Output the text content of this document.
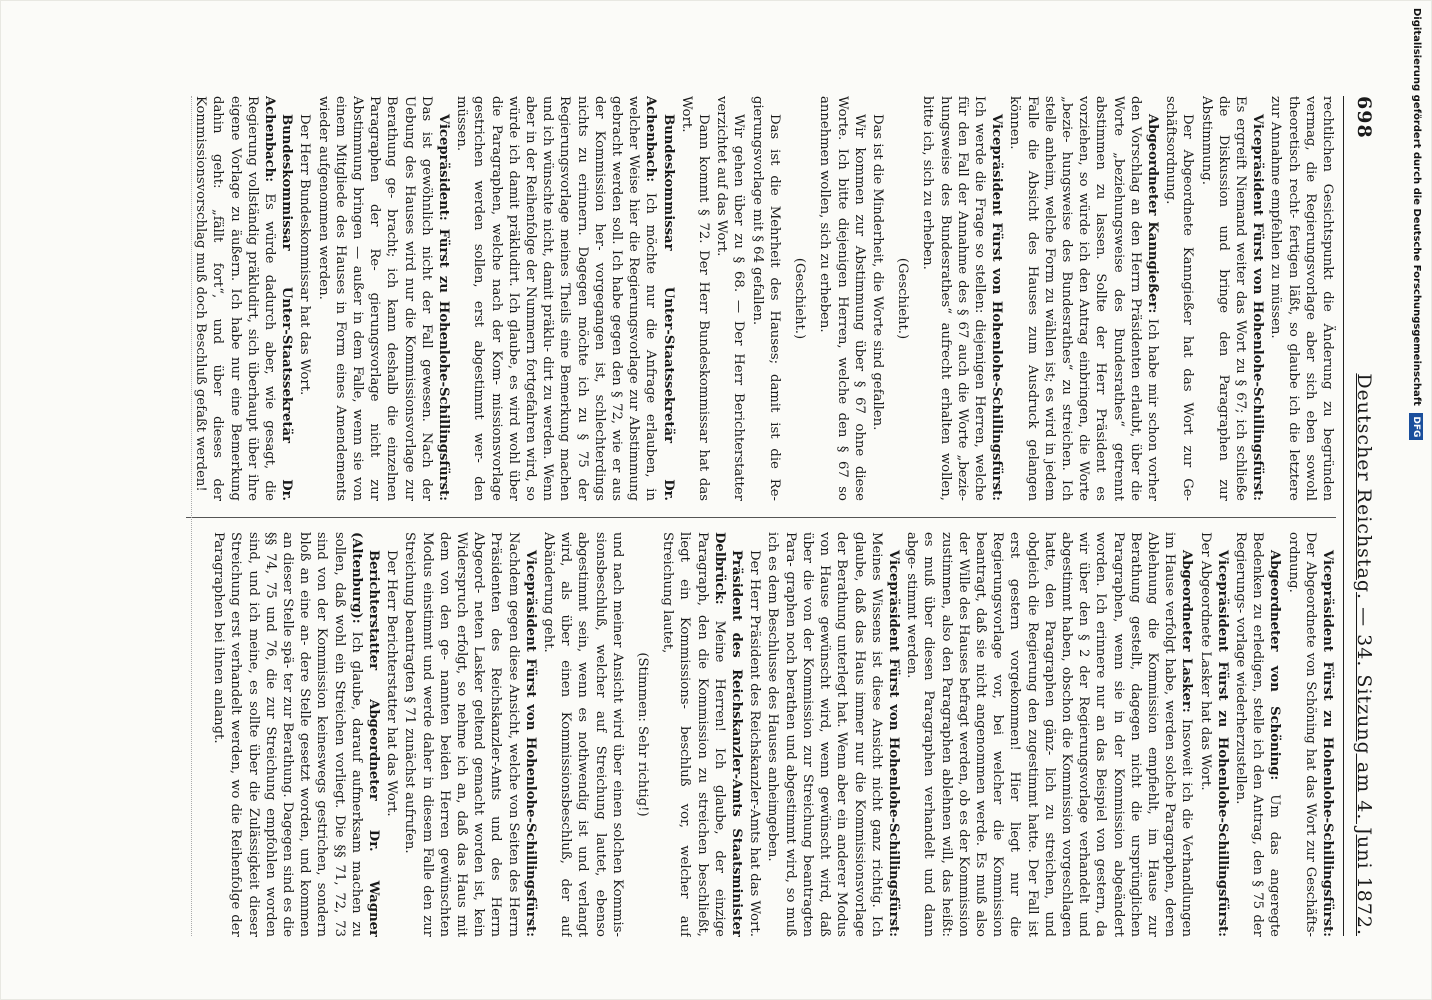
698
Deutscher Reichstag. — 34. Sitzung am 4. Juni 1872.

rechtlichen Gesichtspunkt die Änderung zu begründen vermag, die Regierungsvorlage aber sich eben sowohl theoretisch recht- fertigen läßt, so glaube ich die letztere zur Annahme empfehlen zu müssen.

Vicepräsident Fürst von Hohenlohe-Schillingsfürst: Es ergreift Niemand weiter das Wort zu § 67; ich schließe die Diskussion und bringe den Paragraphen zur Abstimmung.

Der Abgeordnete Kanngießer hat das Wort zur Ge- schäftsordnung.

Abgeordneter Kanngießer: Ich habe mir schon vorher den Vorschlag an den Herrn Präsidenten erlaubt, über die Worte „beziehungsweise des Bundesrathes“ getrennt abstimmen zu lassen. Sollte der Herr Präsident es vorziehen, so würde ich den Antrag einbringen, die Worte „bezie- hungsweise des Bundesrathes“ zu streichen. Ich stelle anheim, welche Form zu wählen ist; es wird in jedem Falle die Absicht des Hauses zum Ausdruck gelangen können.

Vicepräsident Fürst von Hohenlohe-Schillingsfürst: Ich werde die Frage so stellen: diejenigen Herren, welche für den Fall der Annahme des § 67 auch die Worte „bezie- hungsweise des Bundesrathes“ aufrecht erhalten wollen, bitte ich, sich zu erheben.

(Geschieht.)

Das ist die Minderheit, die Worte sind gefallen.

Wir kommen zur Abstimmung über § 67 ohne diese Worte. Ich bitte diejenigen Herren, welche den § 67 so annehmen wollen, sich zu erheben.

(Geschieht.)

Das ist die Mehrheit des Hauses; damit ist die Re- gierungsvorlage mit § 64 gefallen.

Wir gehen über zu § 68. — Der Herr Berichterstatter verzichtet auf das Wort.

Dann kommt § 72. Der Herr Bundeskommissar hat das Wort.

Bundeskommissar Unter-Staatssekretär Dr. Achenbach: Ich möchte nur die Anfrage erlauben, in welcher Weise hier die Regierungsvorlage zur Abstimmung gebracht werden soll. Ich habe gegen den § 72, wie er aus der Kommission her- vorgegangen ist, schlechterdings nichts zu erinnern. Dagegen möchte ich zu § 75 der Regierungsvorlage meines Theils eine Bemerkung machen und ich wünschte nicht, damit präklu- dirt zu werden. Wenn aber in der Reihenfolge der Nummern fortgefahren wird, so würde ich damit präkludirt. Ich glaube, es wird wohl über die Paragraphen, welche nach der Kom- missionsvorlage gestrichen werden sollen, erst abgestimmt wer- den müssen.

Vicepräsident: Fürst zu Hohenlohe-Schillingsfürst: Das ist gewöhnlich nicht der Fall gewesen. Nach der Uebung des Hauses wird nur die Kommissionsvorlage zur Berathung ge- bracht; ich kann deshalb die einzelnen Paragraphen der Re- gierungsvorlage nicht zur Abstimmung bringen — außer in dem Falle, wenn sie von einem Mitgliede des Hauses in Form eines Amendements wieder aufgenommen werden.

Der Herr Bundeskommissar hat das Wort.

Bundeskommissar Unter-Staatssekretär Dr. Achenbach: Es würde dadurch aber, wie gesagt, die Regierung vollständig präkludirt, sich überhaupt über ihre eigene Vorlage zu äußern. Ich habe nur eine Bemerkung dahin geht: „fällt fort“, und über dieses der Kommissionsvorschlag muß doch Beschluß gefaßt werden!

Vicepräsident Fürst zu Hohenlohe-Schillingsfürst: Der Abgeordnete von Schöning hat das Wort zur Geschäfts- ordnung.

Abgeordneter von Schöning: Um das angeregte Bedenken zu erledigen, stelle ich den Antrag, den § 75 der Regierungs- vorlage wiederherzustellen.

Vicepräsident Fürst zu Hohenlohe-Schillingsfürst: Der Abgeordnete Lasker hat das Wort.

Abgeordneter Lasker: Insoweit ich die Verhandlungen im Hause verfolgt habe, werden solche Paragraphen, deren Ablehnung die Kommission empfiehlt, im Hause zur Berathung gestellt, dagegen nicht die ursprünglichen Paragraphen, wenn sie in der Kommission abgeändert worden. Ich erinnere nur an das Beispiel von gestern, da wir über den § 2 der Regierungsvorlage verhandelt und abgestimmt haben, obschon die Kommission vorgeschlagen hatte, den Paragraphen gänz- lich zu streichen, und obgleich die Regierung den zugestimmt hatte. Der Fall ist erst gestern vorgekommen! Hier liegt nur die Regierungsvorlage vor, bei welcher die Kommission beantragt, daß sie nicht angenommen werde. Es muß also der Wille des Hauses befragt werden, ob es der Kommission zustimmen, also den Paragraphen ablehnen will, das heißt: es muß über diesen Paragraphen verhandelt und dann abge- stimmt werden.

Vicepräsident Fürst von Hohenlohe-Schillingsfürst: Meines Wissens ist diese Ansicht nicht ganz richtig. Ich glaube, daß das Haus immer nur die Kommissionsvorlage der Berathung unterlegt hat. Wenn aber ein anderer Modus von Hause gewünscht wird, wenn gewünscht wird, daß über die von der Kommission zur Streichung beantragten Para- graphen noch berathen und abgestimmt wird, so muß ich es dem Beschlusse des Hauses anheimgeben.

Der Herr Präsident des Reichskanzler-Amts hat das Wort.

Präsident des Reichskanzler-Amts Staatsminister Delbrück: Meine Herren! Ich glaube, der einzige Paragraph, den die Kommission zu streichen beschließt, liegt ein Kommissions- beschluß vor, welcher auf Streichung lautet,

(Stimmen: Sehr richtig!)

und nach meiner Ansicht wird über einen solchen Kommis- sionsbeschluß, welcher auf Streichung lautet, ebenso abgestimmt sein, wenn es nothwendig ist und verlangt wird, als über einen Kommissionsbeschluß, der auf Abänderung geht.

Vicepräsident Fürst von Hohenlohe-Schillingsfürst: Nachdem gegen diese Ansicht, welche von Seiten des Herrn Präsidenten des Reichskanzler-Amts und des Herrn Abgeord- neten Lasker geltend gemacht worden ist, kein Widerspruch erfolgt, so nehme ich an, daß das Haus mit dem von den ge- nannten beiden Herren gewünschten Modus einstimmt und werde daher in diesem Falle den zur Streichung beantragten § 71 zunächst aufrufen.

Der Herr Berichterstatter hat das Wort.

Berichterstatter Abgeordneter Dr. Wagner (Altenburg): Ich glaube, darauf aufmerksam machen zu sollen, daß wohl ein Streichen vorliegt. Die §§ 71, 72, 73 sind von der Kommission keineswegs gestrichen, sondern bloß an eine an- dere Stelle gesetzt worden, und kommen an dieser Stelle spä- ter zur Berathung. Dagegen sind es die §§ 74, 75 und 76, die zur Streichung empfohlen worden sind, und ich meine, es sollte über die Zulässigkeit dieser Streichung erst verhandelt werden, wo die Reihenfolge der Paragraphen bei ihnen anlangt.

Digitalisierung gefördert durch die Deutsche Forschungsgemeinschaft DFG
